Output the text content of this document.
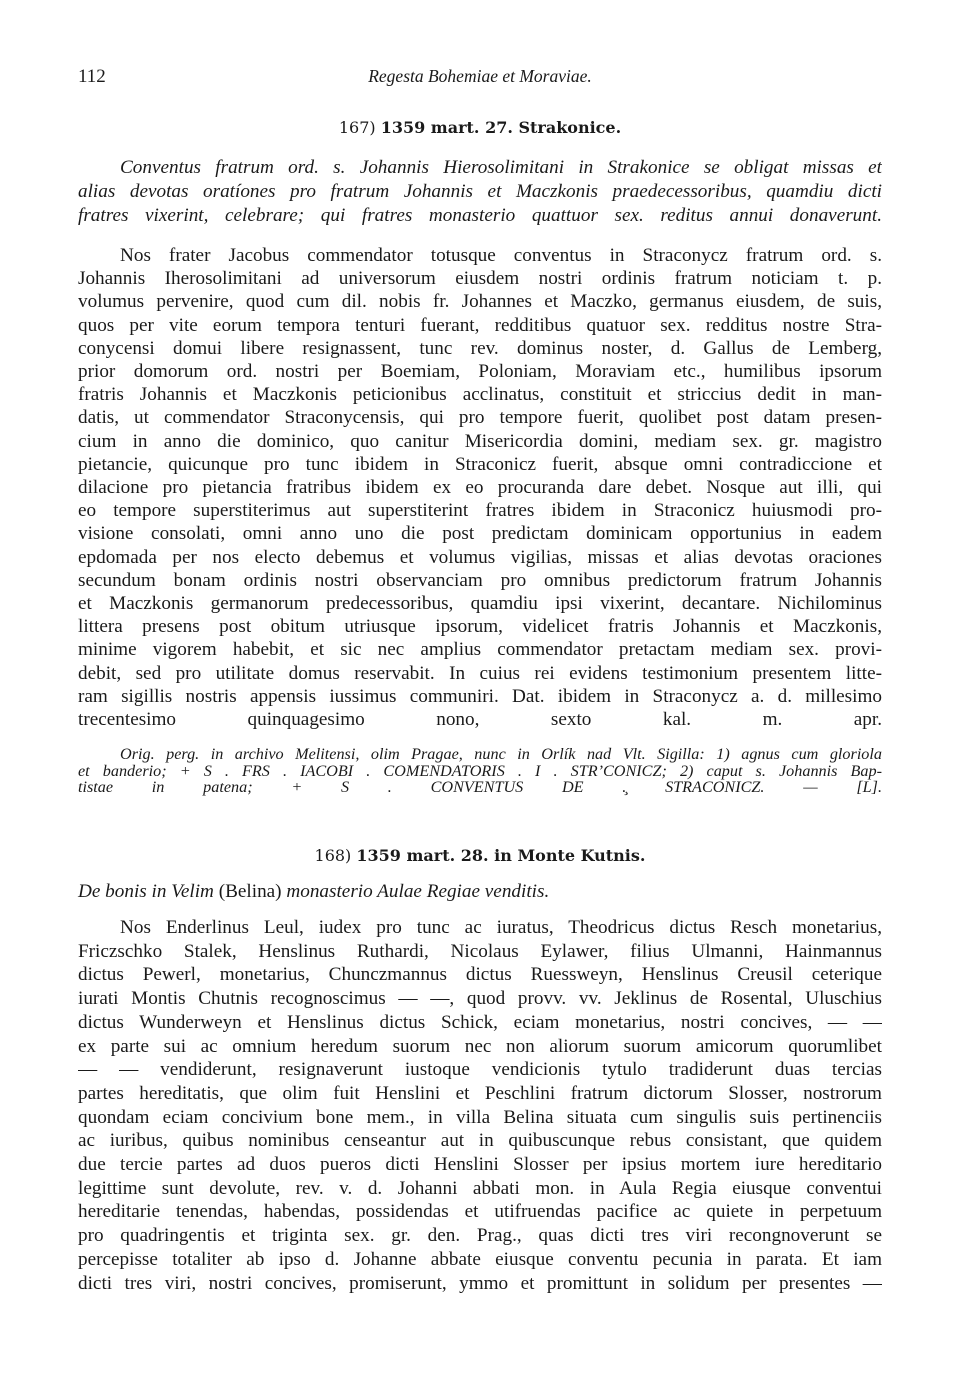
112	Regesta Bohemiae et Moraviae.
167) 1359 mart. 27. Strakonice.
Conventus fratrum ord. s. Johannis Hierosolimitani in Strakonice se obligat missas et
alias devotas oratíones pro fratrum Johannis et Maczkonis praedecessoribus, quamdiu dicti
fratres vixerint, celebrare; qui fratres monasterio quattuor sex. reditus annui donaverunt.
Nos frater Jacobus commendator totusque conventus in Straconycz fratrum ord. s.
Johannis Iherosolimitani ad universorum eiusdem nostri ordinis fratrum noticiam t. p.
volumus pervenire, quod cum dil. nobis fr. Johannes et Maczko, germanus eiusdem, de suis,
quos per vite eorum tempora tenturi fuerant, redditibus quatuor sex. redditus nostre Stra-
conycensi domui libere resignassent, tunc rev. dominus noster, d. Gallus de Lemberg,
prior domorum ord. nostri per Boemiam, Poloniam, Moraviam etc., humilibus ipsorum
fratris Johannis et Maczkonis peticionibus acclinatus, constituit et striccius dedit in man-
datis, ut commendator Straconycensis, qui pro tempore fuerit, quolibet post datam presen-
cium in anno die dominico, quo canitur Misericordia domini, mediam sex. gr. magistro
pietancie, quicunque pro tunc ibidem in Straconicz fuerit, absque omni contradiccione et
dilacione pro pietancia fratribus ibidem ex eo procuranda dare debet. Nosque aut illi, qui
eo tempore superstiterimus aut superstiterint fratres ibidem in Straconicz huiusmodi pro-
visione consolati, omni anno uno die post predictam dominicam opportunius in eadem
epdomada per nos electo debemus et volumus vigilias, missas et alias devotas oraciones
secundum bonam ordinis nostri observanciam pro omnibus predictorum fratrum Johannis
et Maczkonis germanorum predecessoribus, quamdiu ipsi vixerint, decantare. Nichilominus
littera presens post obitum utriusque ipsorum, videlicet fratris Johannis et Maczkonis,
minime vigorem habebit, et sic nec amplius commendator pretactam mediam sex. provi-
debit, sed pro utilitate domus reservabit. In cuius rei evidens testimonium presentem litte-
ram sigillis nostris appensis iussimus communiri. Dat. ibidem in Straconycz a. d. millesimo
trecentesimo quinquagesimo nono, sexto kal. m. apr.
Orig. perg. in archivo Melitensi, olim Pragae, nunc in Orlík nad Vlt. Sigilla: 1) agnus cum gloriola
et banderio; + S . FRS . IACOBI . COMENDATORIS . I . STR’CONICZ; 2) caput s. Johannis Bap-
tistae in patena; + S . CONVENTUS DE .̧ STRACONICZ. — [L].
168) 1359 mart. 28. in Monte Kutnis.
De bonis in Velim (Belina) monasterio Aulae Regiae venditis.
Nos Enderlinus Leul, iudex pro tunc ac iuratus, Theodricus dictus Resch monetarius,
Friczschko Stalek, Henslinus Ruthardi, Nicolaus Eylawer, filius Ulmanni, Hainmannus
dictus Pewerl, monetarius, Chunczmannus dictus Ruessweyn, Henslinus Creusil ceterique
iurati Montis Chutnis recognoscimus — —, quod provv. vv. Jeklinus de Rosental, Uluschius
dictus Wunderweyn et Henslinus dictus Schick, eciam monetarius, nostri concives, — —
ex parte sui ac omnium heredum suorum nec non aliorum suorum amicorum quorumlibet
— — vendiderunt, resignaverunt iustoque vendicionis tytulo tradiderunt duas tercias
partes hereditatis, que olim fuit Henslini et Peschlini fratrum dictorum Slosser, nostrorum
quondam eciam concivium bone mem., in villa Belina situata cum singulis suis pertinenciis
ac iuribus, quibus nominibus censeantur aut in quibuscunque rebus consistant, que quidem
due tercie partes ad duos pueros dicti Henslini Slosser per ipsius mortem iure hereditario
legittime sunt devolute, rev. v. d. Johanni abbati mon. in Aula Regia eiusque conventui
hereditarie tenendas, habendas, possidendas et utifruendas pacifice ac quiete in perpetuum
pro quadringentis et triginta sex. gr. den. Prag., quas dicti tres viri recongnoverunt se
percepisse totaliter ab ipso d. Johanne abbate eiusque conventu pecunia in parata. Et iam
dicti tres viri, nostri concives, promiserunt, ymmo et promittunt in solidum per presentes —
